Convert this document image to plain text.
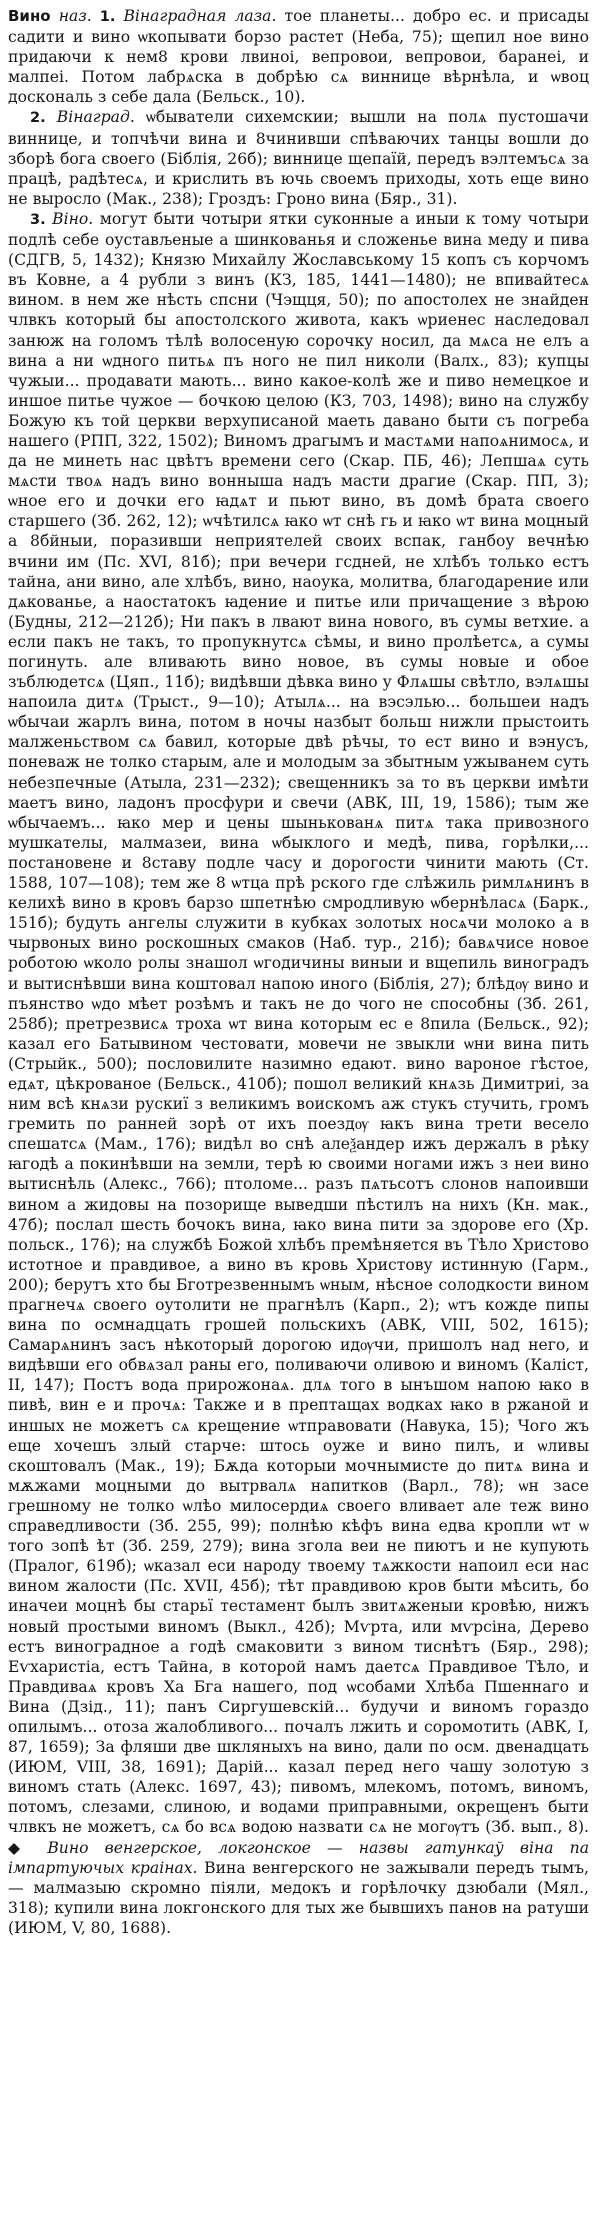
Вино наз. 1. Вінаградная лаза. тое планеты... добро ес. и присады садити и вино ѡкопывати борзо растет (Неба, 75); щепил ное вино придаючи к нем8 крови лвиноі, вепровои, вепровои, баранеі, и малпеі. Потом лабрѧска в добрѣю сѧ виннице вѣрнѣла, и ѡвоц доскональ з себе дала (Бельск., 10).

2. Вінаград. ѡбыватели сихемскии; вышли на полѧ пустошачи виннице, и топчѣчи вина и 8чинивши спѣваючих танцы вошли до зборѣ бога своего (Біблія, 26б); виннице щепаїй, передъ вэлтемъсѧ за працѣ, радѣтесѧ, и крислить въ ючь своемъ приходы, хоть еще вино не выросло (Мак., 238); Гроздъ: Гроно вина (Бяр., 31).

3. Віно. могут быти чотыри ятки суконные а иныи к тому чотыри подлѣ себе оустављеные а шинкованья и сложенье вина меду и пива (СДГВ, 5, 1432); Князю Михайлу Жославському 15 копъ съ корчомъ въ Ковне, а 4 рубли з винъ (КЗ, 185, 1441—1480); не впивайтесѧ вином. в нем же нѣсть спсни (Чэщця, 50); по апостолех не знайден члвкъ который бы апостолского живота, какъ ѡриенес наследовал занюж на голомъ тѣлѣ волосеную сорочку носил, да мѧса не елъ а вина а ни ѡдного питьѧ пъ ного не пил николи (Валх., 83); купцы чужыи... продавати мають... вино какое-колѣ же и пиво немецкое и иншое питье чужое — бочкою целою (КЗ, 703, 1498); вино на службу Божую къ той церкви верхуписаной маеть давано быти съ погреба нашего (РПП, 322, 1502); Виномъ драгымъ и мастѧми напоѧнимосѧ, и да не минеть нас цвѣтъ времени сего (Скар. ПБ, 46); Лепшаѧ суть мѧсти твоѧ надъ вино вонныша надъ масти драгие (Скар. ПП, 3); ѡное его и дочки его ꙗдѧт и пьют вино, въ домѣ брата своего старшего (Зб. 262, 12); ѡчѣтилсѧ ꙗко ѡт снѣ гь и ꙗко ѡт вина моцный а 8бйныи, поразивши неприятелей своих вспак, ганбоу вечнѣю вчини им (Пс. XVI, 81б); при вечери гсдней, не хлѣбъ только естъ тайна, ани вино, але хлѣбъ, вино, наоука, молитва, благодарение или дѧкованье, а наостатокъ ꙗдение и питье или причащение з вѣрою (Будны, 212—212б); Ни пакъ в лвают вина нового, въ сумы ветхие. а если пакъ не такъ, то пропукнутсѧ сѣмы, и вино пролѣетсѧ, а сумы погинуть. але вливають вино новое, въ сумы новые и обое зъблюдетсѧ (Цяп., 11б); видѣвши дѣвка вино у Флѧшы свѣтло, вэлѧшы напоила дитѧ (Трыст., 9—10); Атылѧ... на вэсэлью... большеи надъ ѡбычаи жарлъ вина, потом в ночы назбыт больш нижли прыстоить малженьством сѧ бавил, которые двѣ рѣчы, то ест вино и вэнусъ, поневаж не толко старым, але и молодым за збытным ужыванем суть небезпечные (Атыла, 231—232); свещенникъ за то въ церкви имѣти маетъ вино, ладонъ просфури и свечи (АВК, III, 19, 1586); тым же ѡбычаемъ... ꙗко мер и цены шынькованѧ питѧ така привозного мушкателы, малмазеи, вина ѡбыклого и медѣ, пива, горѣлки,... постановене и 8ставу подле часу и дорогости чинити мають (Ст. 1588, 107—108); тем же 8 ѡтца прѣ рского где слѣжиль римлѧнинъ в келихѣ вино в кровъ барзо шпетнѣю смродливую ѡбернѣласѧ (Барк., 151б); будуть ангелы служити в кубках золотых носѧчи молоко а в чырвоных вино роскошных смаков (Наб. тур., 21б); бавѧчисе новое роботою ѡколо ролы знашол ѡгодичины виныи и вщепиль виноградъ и вытиснѣвши вина коштовал напою иного (Біблія, 27); блѣдѹ вино и пъянство ѡдо мѣет розѣмъ и такъ не до чого не способны (Зб. 261, 258б); претрезвисѧ троха ѡт вина которым ес е 8пила (Бельск., 92); казал его Батывином честовати, мовечи не звыкли ѡни вина пить (Стрыйк., 500); пословилите назимно едают. вино вароное гѣстое, едѧт, цѣкрованое (Бельск., 410б); пошол великий кнѧзь Димитриі, за ним всѣ кнѧзи рускиї з великимъ воискомъ аж стукъ стучить, громъ гремить по ранней зорѣ от ихъ поездѹ ꙗкъ вина трети весело спешатсѧ (Мам., 176); видѣл во снѣ алеѯандер ижъ держалъ в рѣку ꙗгодѣ а покинѣвши на земли, терѣ ю своими ногами ижъ з неи вино вытиснѣль (Алекс., 766); птоломе... разъ пѧтьсотъ слонов напоивши вином а жидовы на позорище выведши пѣстилъ на нихъ (Кн. мак., 47б); послал шесть бочокъ вина, ꙗко вина пити за здорове его (Хр. польск., 176); на службѣ Божой хлѣбъ премѣняется въ Тѣло Христово истотное и правдивое, а вино въ кровь Христову истинную (Гарм., 200); берутъ хто бы Бготрезвеннымъ ѡным, нѣсное солодкости вином прагнечѧ своего оутолити не прагнѣлъ (Карп., 2); ѡтъ кожде пипы вина по осмнадцать грошей польскихъ (АВК, VIII, 502, 1615); Самарѧнинъ засъ нѣкоторый дорогою идѹчи, пришолъ над него, и видѣвши его обвѧзал раны его, поливаючи оливою и виномъ (Каліст, II, 147); Постъ вода прирожонаѧ. длѧ того в ынъшом напою ꙗко в пивѣ, вин е и прочѧ: Также и в прептащах водках ꙗко в ржаной и иншых не можетъ сѧ крещение ѡтправовати (Навука, 15); Чого жъ еще хочешъ злый старче: штось оуже и вино пилъ, и ѡливы скоштовалъ (Мак., 19); Бѫда которыи мочнымисте до питѧ вина и мѫжами моцными до вытрвалѧ напитков (Варл., 78); ѡн засе грешному не толко ѡлѣо милосердиѧ своего вливает але теж вино справедливости (Зб. 255, 99); полнѣю кѣфъ вина едва кропли ѡт ѡ того зопѣ ѣт (Зб. 259, 279); вина згола веи не пиютъ и не купують (Пралог, 619б); ѡказал еси народу твоему тѧжкости напоил еси нас вином жалости (Пс. XVII, 45б); тѣт правдивою кров быти мѣсить, бо иначеи моцнѣ бы старьї тестамент былъ звитѧженыи кровѣю, нижъ новый простыми виномъ (Выкл., 42б); Мѵрта, или мѵрсіна, Дерево естъ виноградное а годѣ смаковити з вином тиснѣтъ (Бяр., 298); Еѵхаристіа, естъ Тайна, в которой намъ даетсѧ Правдивое Тѣло, и Правдиваѧ кровъ Ха Бга нашего, под ѡсобами Хлѣба Пшеннаго и Вина (Дзід., 11); панъ Сиргушевскій... будучи и виномъ гораздо опилымъ... отоза жалобливого... почалъ лжить и соромотить (АВК, I, 87, 1659); За фляши две шкляныхъ на вино, дали по осм. двенадцать (ИЮМ, VIII, 38, 1691); Дарій... казал перед него чашу золотую з виномъ стать (Алекс. 1697, 43); пивомъ, млекомъ, потомъ, виномъ, потомъ, слезами, слиною, и водами приправными, окрещенъ быти члвкъ не можетъ, сѧ бо всѧ водою назвати сѧ не могѹтъ (Зб. вып., 8). ◆ Вино венгерское, локгонское — назвы гатункаў віна па імпартуючых краінах. Вина венгерского не зажывали передъ тымъ,— малмазыю скромно піяли, медокъ и горѣлочку дзюбали (Мял., 318); купили вина локгонского для тых же бывшихъ панов на ратуши (ИЮМ, V, 80, 1688).
